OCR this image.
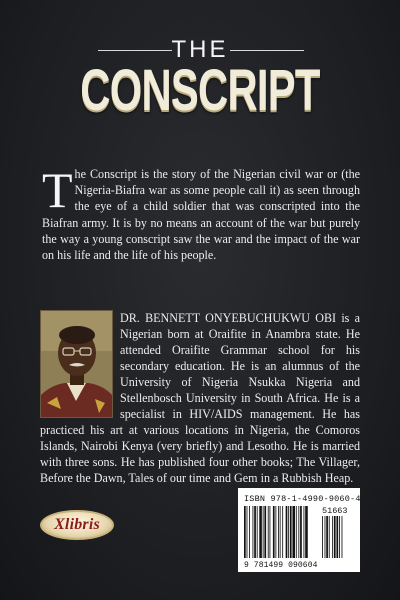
THE
CONSCRIPT
The Conscript is the story of the Nigerian civil war or (the Nigeria-Biafra war as some people call it) as seen through the eye of a child soldier that was conscripted into the Biafran army. It is by no means an account of the war but purely the way a young conscript saw the war and the impact of the war on his life and the life of his people.
DR. BENNETT ONYEBUCHUKWU OBI is a Nigerian born at Oraifite in Anambra state. He attended Oraifite Grammar school for his secondary education. He is an alumnus of the University of Nigeria Nsukka Nigeria and Stellenbosch University in South Africa. He is a specialist in HIV/AIDS management. He has practiced his art at various locations in Nigeria, the Comoros Islands, Nairobi Kenya (very briefly) and Lesotho. He is married with three sons. He has published four other books; The Villager, Before the Dawn, Tales of our time and Gem in a Rubbish Heap.
Xlibris
ISBN 978-1-4990-9060-4
51663
9 781499 090604
